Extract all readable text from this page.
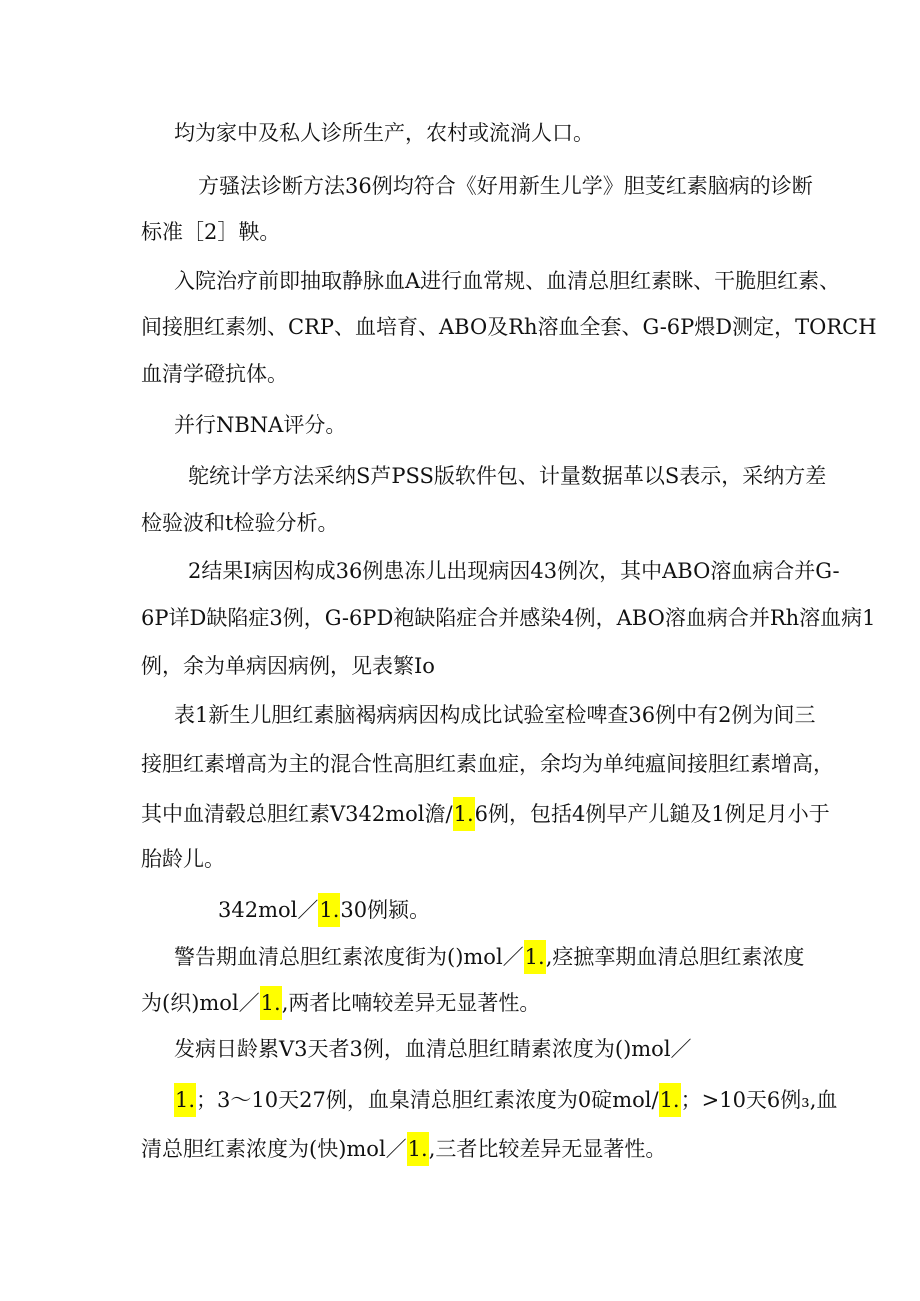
均为家中及私人诊所生产，农村或流淌人口。
方骚法诊断方法36例均符合《好用新生儿学》胆芰红素脑病的诊断
标准［2］鞅。
入院治疗前即抽取静脉血A进行血常规、血清总胆红素眯、干脆胆红素、
间接胆红素刎、CRP、血培育、ABO及Rh溶血全套、G-6P煨D测定，TORCH
血清学磴抗体。
并行NBNA评分。
鸵统计学方法采纳S芦PSS版软件包、计量数据革以S表示，采纳方差
检验波和t检验分析。
2结果I病因构成36例患冻儿出现病因43例次，其中ABO溶血病合并G-
6P详D缺陷症3例，G-6PD袍缺陷症合并感染4例，ABO溶血病合并Rh溶血病1
例，余为单病因病例，见表繁Io
表1新生儿胆红素脑褐病病因构成比试验室检啤查36例中有2例为间三
接胆红素增高为主的混合性高胆红素血症，余均为单纯瘟间接胆红素增高，
其中血清毂总胆红素V342mol澹/1.6例，包括4例早产儿鎚及1例足月小于
胎龄儿。
342mol／1.30例颍。
警告期血清总胆红素浓度街为()mol／1.,痉摭挛期血清总胆红素浓度
为(织)mol／1.,两者比喃较差异无显著性。
发病日龄累V3天者3例，血清总胆红睛素浓度为()mol／
1.；3～10天27例，血臬清总胆红素浓度为0碇mol/1.；>10天6例₃,血
清总胆红素浓度为(快)mol／1.,三者比较差异无显著性。
